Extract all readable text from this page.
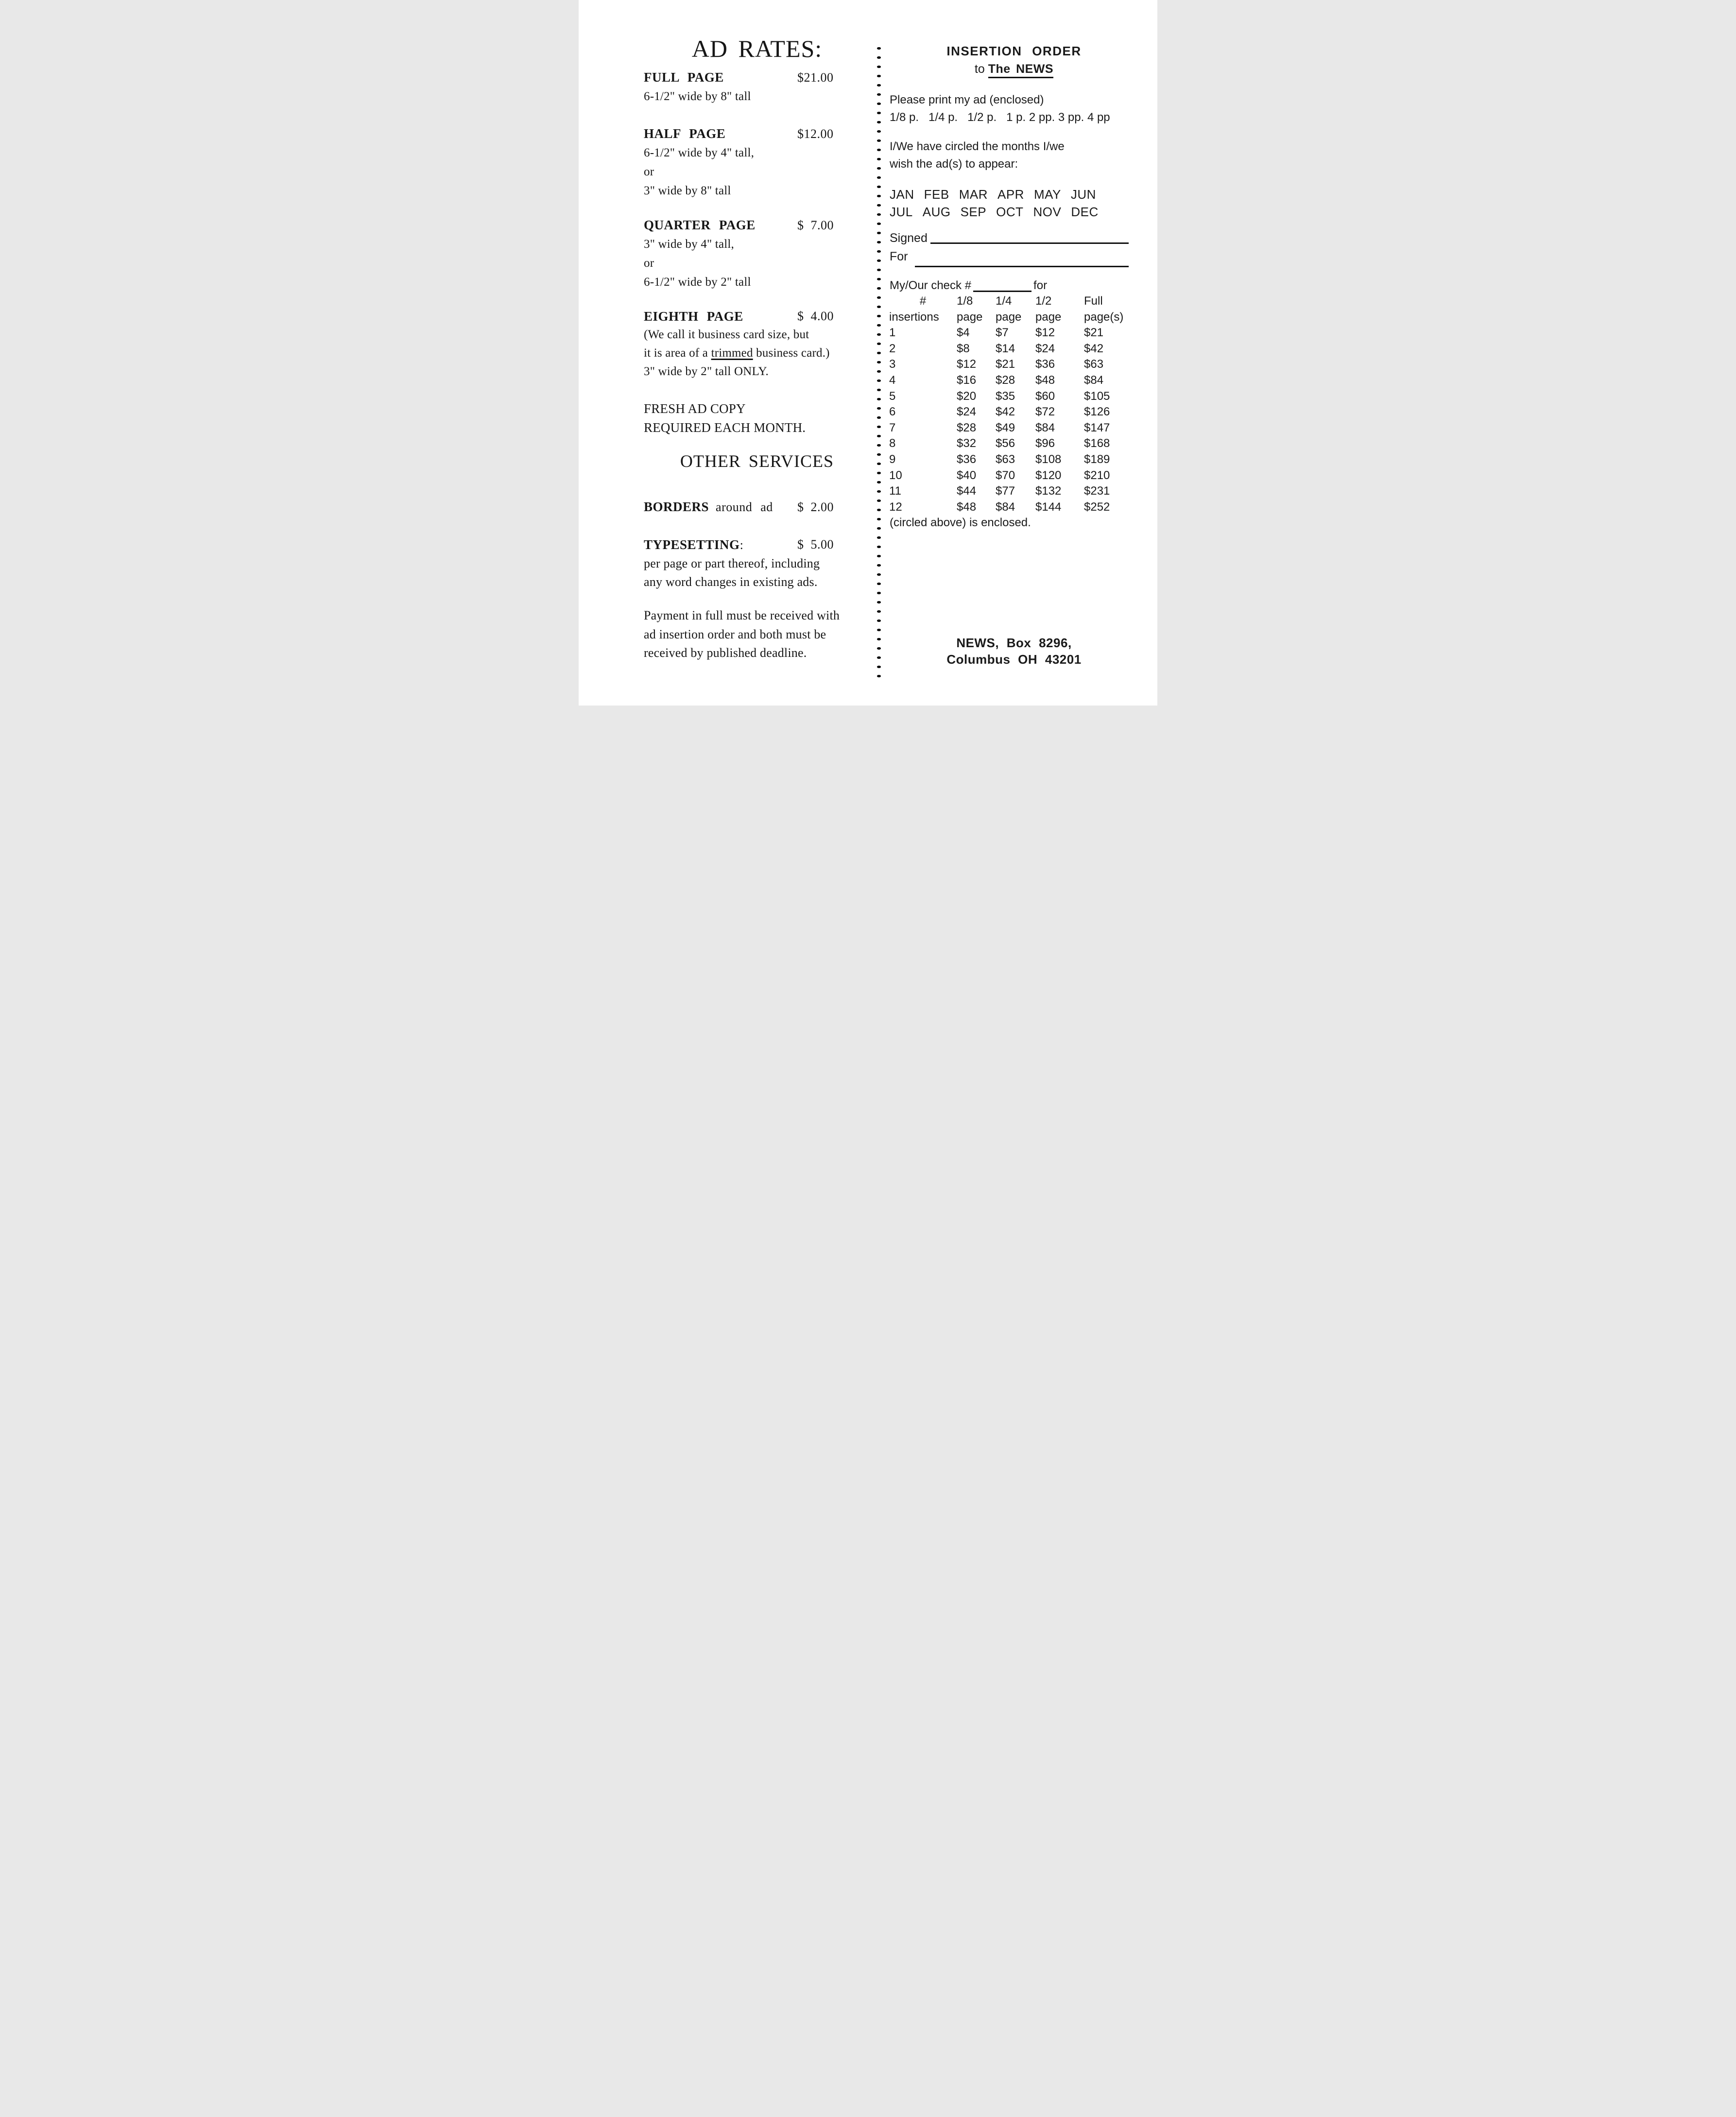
AD RATES:
FULL PAGE	$21.00
6-1/2" wide by 8" tall
HALF PAGE	$12.00
6-1/2" wide by 4" tall,
or
3" wide by 8" tall
QUARTER PAGE	$  7.00
3" wide by 4" tall,
or
6-1/2" wide by 2" tall
EIGHTH PAGE	$  4.00
(We call it business card size, but
it is area of a trimmed business card.)
3" wide by 2" tall ONLY.
FRESH AD COPY
REQUIRED EACH MONTH.
OTHER SERVICES
BORDERS around ad $  2.00
TYPESETTING:	$  5.00
per page or part thereof, including
any word changes in existing ads.
Payment in full must be received with
ad insertion order and both must be
received by published deadline.
INSERTION ORDER
to The NEWS
Please print my ad (enclosed)
1/8 p.   1/4 p.   1/2 p.   1 p. 2 pp. 3 pp. 4 pp
I/We have circled the months I/we
wish the ad(s) to appear:
JAN FEB MAR APR MAY JUN
JUL AUG SEP OCT NOV DEC
Signed
For
My/Our check #	for
#	1/8	1/4	1/2	Full
insertions	page	page	page	page(s)
1	$4	$7	$12	$21
2	$8	$14	$24	$42
3	$12	$21	$36	$63
4	$16	$28	$48	$84
5	$20	$35	$60	$105
6	$24	$42	$72	$126
7	$28	$49	$84	$147
8	$32	$56	$96	$168
9	$36	$63	$108	$189
10	$40	$70	$120	$210
11	$44	$77	$132	$231
12	$48	$84	$144	$252
(circled above) is enclosed.
NEWS, Box 8296,
Columbus OH 43201
